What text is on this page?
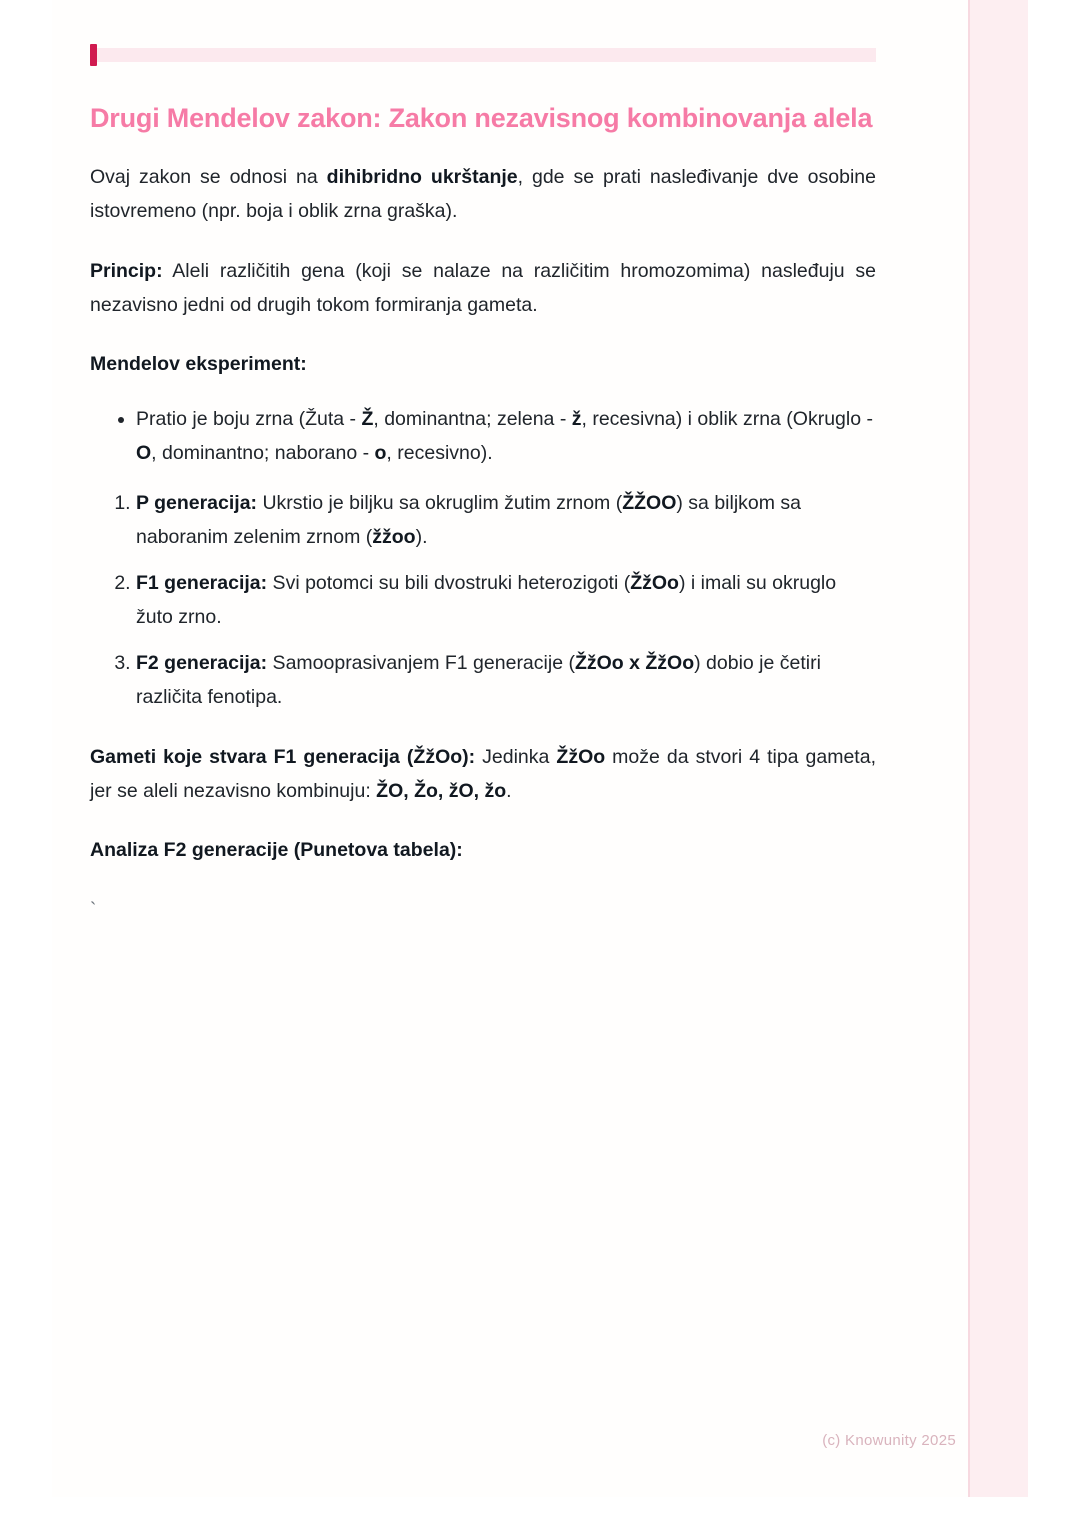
Drugi Mendelov zakon: Zakon nezavisnog kombinovanja alela

Ovaj zakon se odnosi na dihibridno ukrštanje, gde se prati nasleđivanje dve osobine istovremeno (npr. boja i oblik zrna graška).

Princip: Aleli različitih gena (koji se nalaze na različitim hromozomima) nasleđuju se nezavisno jedni od drugih tokom formiranja gameta.

Mendelov eksperiment:

• Pratio je boju zrna (Žuta - Ž, dominantna; zelena - ž, recesivna) i oblik zrna (Okruglo - O, dominantno; naborano - o, recesivno).
1. P generacija: Ukrstio je biljku sa okruglim žutim zrnom (ŽŽOO) sa biljkom sa naboranim zelenim zrnom (žžoo).
2. F1 generacija: Svi potomci su bili dvostruki heterozigoti (ŽžOo) i imali su okruglo žuto zrno.
3. F2 generacija: Samooprasivanjem F1 generacije (ŽžOo x ŽžOo) dobio je četiri različita fenotipa.

Gameti koje stvara F1 generacija (ŽžOo): Jedinka ŽžOo može da stvori 4 tipa gameta, jer se aleli nezavisno kombinuju: ŽO, Žo, žO, žo.

Analiza F2 generacije (Punetova tabela):

`

(c) Knowunity 2025
